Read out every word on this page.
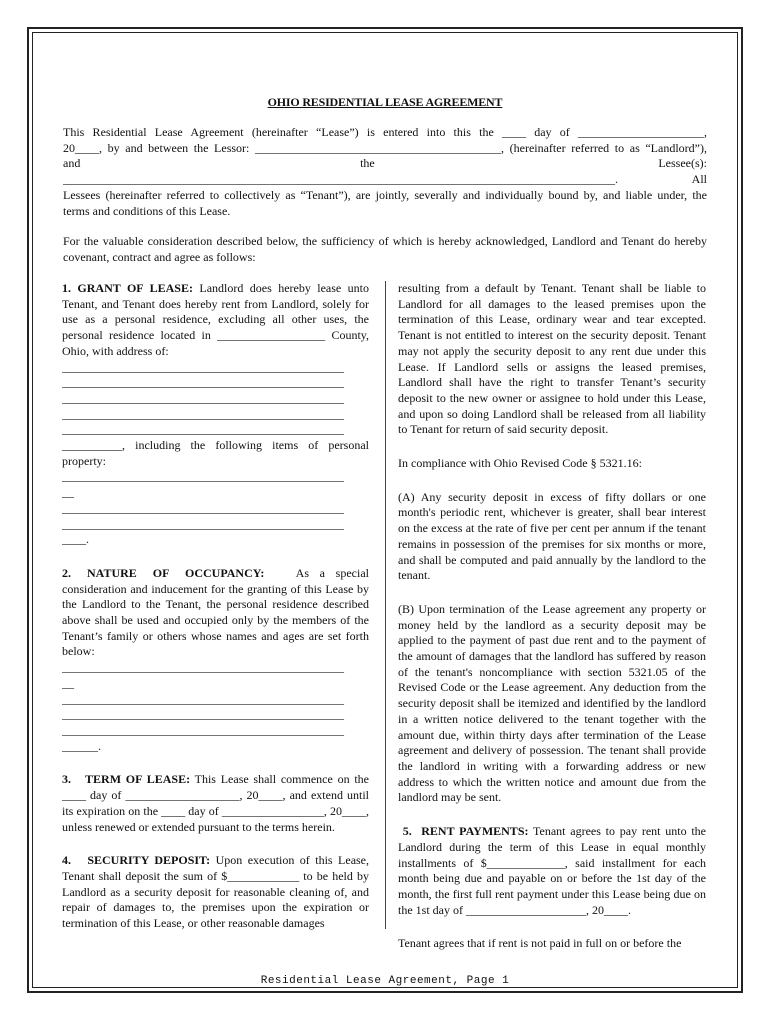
OHIO RESIDENTIAL LEASE AGREEMENT
This Residential Lease Agreement (hereinafter “Lease”) is entered into this the ____ day of _____________________,
20____, by and between the Lessor: _________________________________________, (hereinafter referred to as “Landlord”),
and                                                                         the                                                                          Lessee(s):
____________________________________________________________________________________________.  All
Lessees (hereinafter referred to collectively as “Tenant”), are jointly, severally and individually bound by, and liable under, the
terms and conditions of this Lease.

For the valuable consideration described below, the sufficiency of which is hereby acknowledged, Landlord and Tenant do hereby covenant, contract and agree as follows:

1. GRANT OF LEASE: Landlord does hereby lease unto Tenant, and Tenant does hereby rent from Landlord, solely for use as a personal residence, excluding all other uses, the personal residence located in __________________ County, Ohio, with address of:

_______________________________________________
_______________________________________________
_______________________________________________
_______________________________________________
_______________________________________________

__________, including the following items of personal property:

_______________________________________________
__
_______________________________________________
_______________________________________________
____.

2.   NATURE   OF   OCCUPANCY:      As  a  special consideration and inducement for the granting of this Lease by the Landlord to the Tenant, the personal residence described above shall be used and occupied only by the members of the Tenant’s family or others whose names and ages are set forth below:

_______________________________________________
__
_______________________________________________
_______________________________________________
_______________________________________________
______.

3.   TERM OF LEASE: This Lease shall commence on the ____ day of ___________________, 20____, and extend until its expiration on the ____ day of _________________, 20____, unless renewed or extended pursuant to the terms herein.

4.   SECURITY DEPOSIT: Upon execution of this Lease, Tenant shall deposit the sum of $____________ to be held by Landlord as a security deposit for reasonable cleaning of, and repair of damages to, the premises upon the expiration or termination of this Lease, or other reasonable damages

resulting from a default by Tenant. Tenant shall be liable to Landlord for all damages to the leased premises upon the termination of this Lease, ordinary wear and tear excepted. Tenant is not entitled to interest on the security deposit. Tenant may not apply the security deposit to any rent due under this Lease. If Landlord sells or assigns the leased premises, Landlord shall have the right to transfer Tenant’s security deposit to the new owner or assignee to hold under this Lease, and upon so doing Landlord shall be released from all liability to Tenant for return of said security deposit.

In compliance with Ohio Revised Code § 5321.16:

(A) Any security deposit in excess of fifty dollars or one month's periodic rent, whichever is greater, shall bear interest on the excess at the rate of five per cent per annum if the tenant remains in possession of the premises for six months or more, and shall be computed and paid annually by the landlord to the tenant.

(B) Upon termination of the Lease agreement any property or money held by the landlord as a security deposit may be applied to the payment of past due rent and to the payment of the amount of damages that the landlord has suffered by reason of the tenant's noncompliance with section 5321.05 of the Revised Code or the Lease agreement. Any deduction from the security deposit shall be itemized and identified by the landlord in a written notice delivered to the tenant together with the amount due, within thirty days after termination of the Lease agreement and delivery of possession. The tenant shall provide the landlord in writing with a forwarding address or new address to which the written notice and amount due from the landlord may be sent.

5.  RENT PAYMENTS: Tenant agrees to pay rent unto the Landlord during the term of this Lease in equal monthly installments of $_____________, said installment for each month being due and payable on or before the 1st day of the month, the first full rent payment under this Lease being due on the 1st day of ____________________, 20____.

Tenant agrees that if rent is not paid in full on or before the

Residential Lease Agreement, Page 1
